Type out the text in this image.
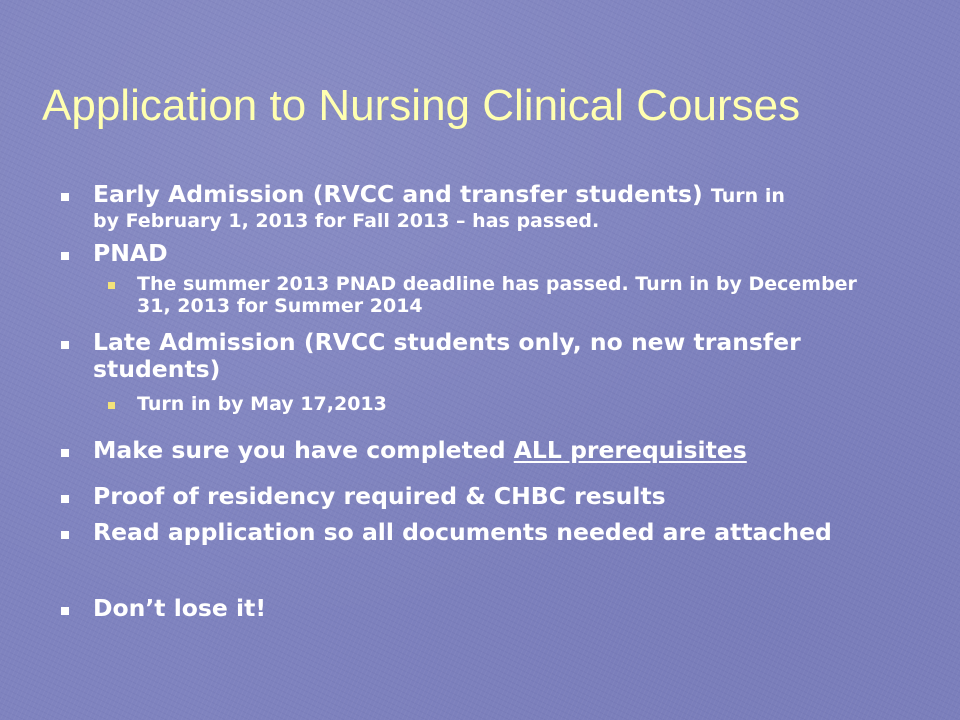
Application to Nursing Clinical Courses
Early Admission (RVCC and transfer students) Turn in
by February 1, 2013 for Fall 2013 – has passed.
PNAD
The summer 2013 PNAD deadline has passed. Turn in by December 31, 2013 for Summer 2014
Late Admission (RVCC students only, no new transfer students)
Turn in by May 17,2013
Make sure you have completed ALL prerequisites
Proof of residency required & CHBC results
Read application so all documents needed are attached
Don’t lose it!
